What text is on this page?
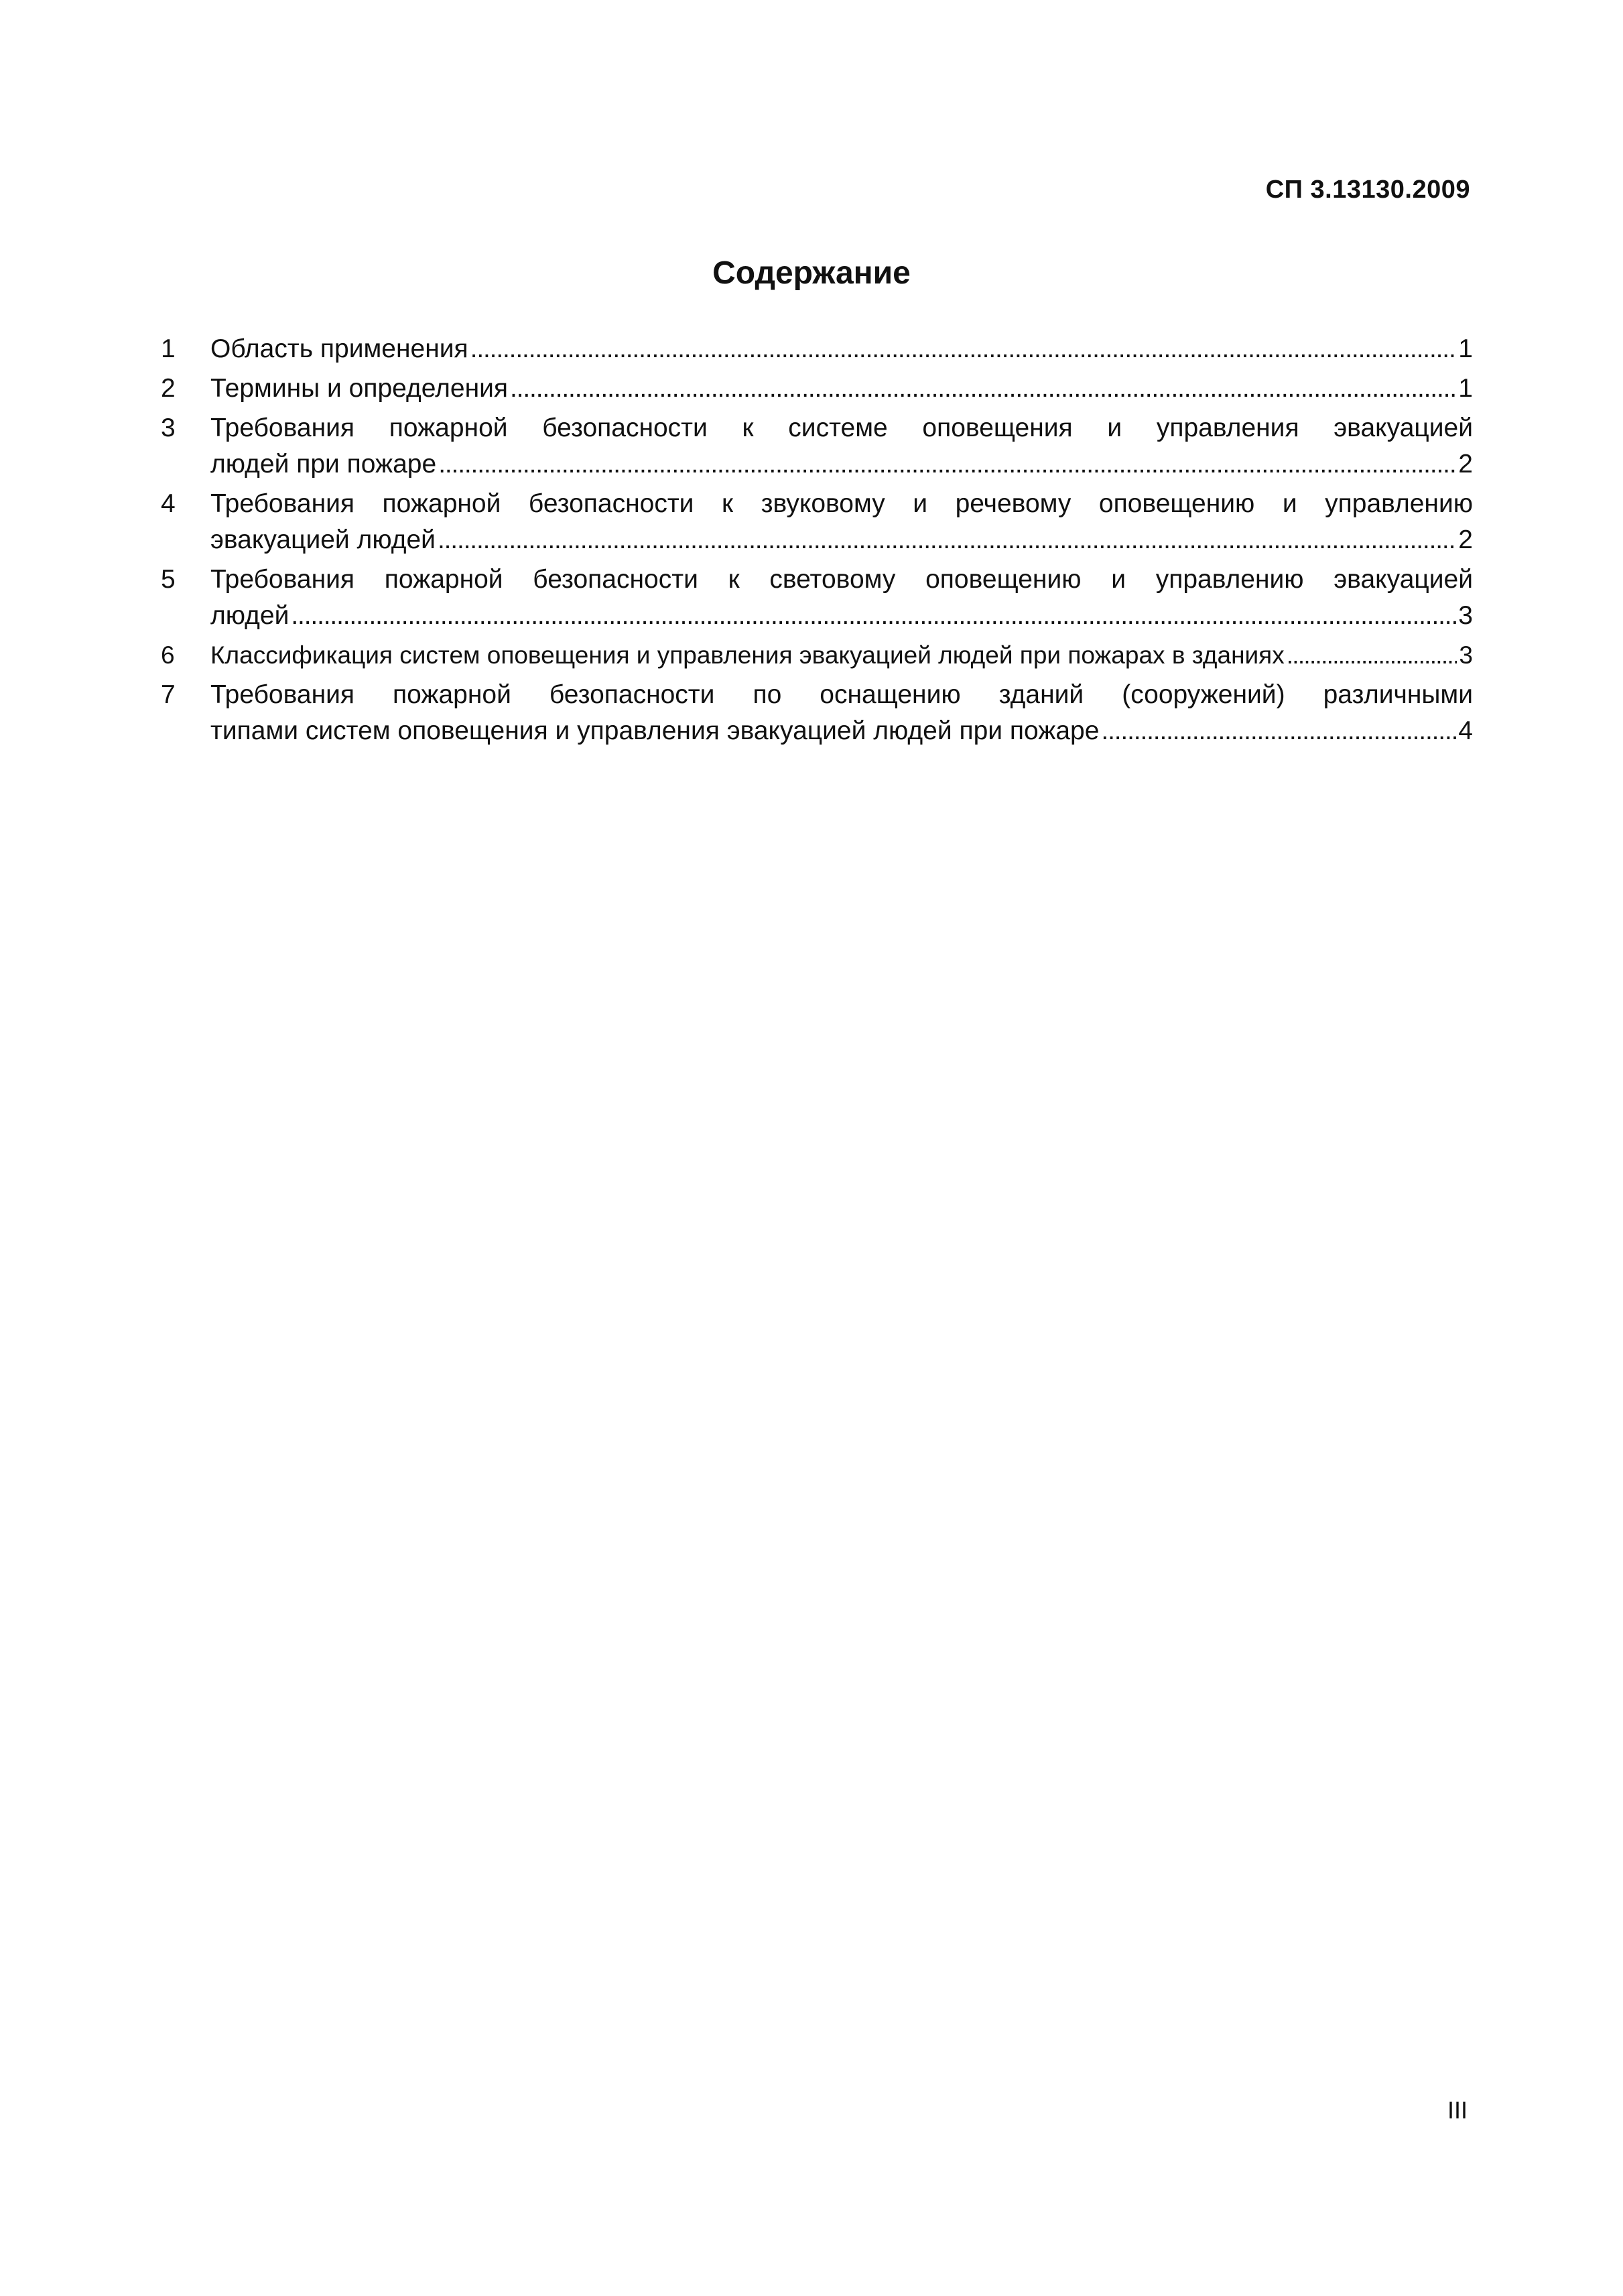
СП 3.13130.2009
Содержание
1	Область применения . . .	1
2	Термины и определения . . .	1
3	Требования пожарной безопасности к системе оповещения и управления эвакуацией
людей при пожаре . . .	2
4	Требования пожарной безопасности к звуковому и речевому оповещению и управлению
эвакуацией людей . . .	2
5	Требования пожарной безопасности к световому оповещению и управлению эвакуацией
людей . . .	3
6	Классификация систем оповещения и управления эвакуацией людей при пожарах в зданиях . . .	3
7	Требования пожарной безопасности по оснащению зданий (сооружений) различными
типами систем оповещения и управления эвакуацией людей при пожаре . . .	4
III
